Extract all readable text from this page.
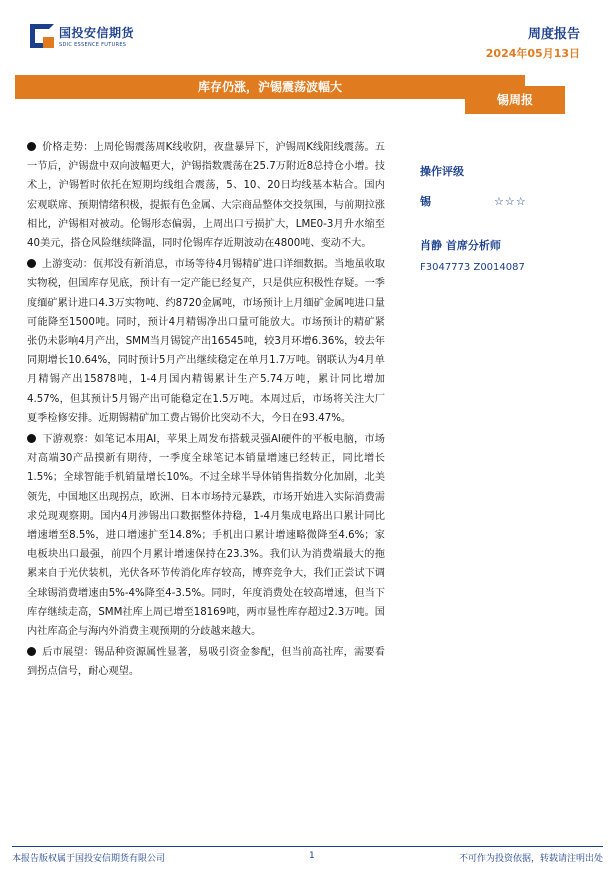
国投安信期货
SDIC ESSENCE FUTURES
周度报告
2024年05月13日
库存仍涨，沪锡震荡波幅大
锡周报

价格走势：上周伦锡震荡周K线收阴，夜盘暴异下，沪锡周K线阳线震荡。五一节后，沪锡盘中双向波幅更大，沪锡指数震荡在25.7万附近8总持仓小增。技术上，沪锡暂时依托在短期均线组合震荡，5、10、20日均线基本粘合。国内宏观联席、预期情绪积极，提振有色金属、大宗商品整体交投氛围，与前期拉涨相比，沪锡相对被动。伦锡形态偏弱，上周出口亏损扩大，LME0-3月升水缩至40美元，搭仓风险继续降温，同时伦锡库存近期波动在4800吨、变动不大。

上游变动：佤邦没有新消息，市场等待4月锡精矿进口详细数据。当地虽收取实物税，但国库存见底，预计有一定产能已经复产，只是供应积极性存疑。一季度缅矿累计进口4.3万实物吨、约8720金属吨，市场预计上月缅矿金属吨进口量可能降至1500吨。同时，预计4月精锡净出口量可能放大。市场预计的精矿紧张仍未影响4月产出，SMM当月锡锭产出16545吨，较3月环增6.36%，较去年同期增长10.64%，同时预计5月产出继续稳定在单月1.7万吨。钢联认为4月单月精锡产出15878吨，1-4月国内精锡累计生产5.74万吨，累计同比增加4.57%，但其预计5月锡产出可能稳定在1.5万吨。本周过后，市场将关注大厂夏季检修安排。近期锡精矿加工费占锡价比突动不大，今日在93.47%。

下游观察：如笔记本用AI，苹果上周发布搭载灵强AI硬件的平板电脑，市场对高端30产品摸新有期待，一季度全球笔记本销量增速已经转正，同比增长1.5%；全球智能手机销量增长10%。不过全球半导体销售指数分化加剧，北美领先，中国地区出现拐点，欧洲、日本市场持元暴跌，市场开始进入实际消费需求兑现观察期。国内4月涉锡出口数据整体持稳，1-4月集成电路出口累计同比增速增至8.5%，进口增速扩至14.8%；手机出口累计增速略微降至4.6%；家电板块出口最强，前四个月累计增速保持在23.3%。我们认为消费端最大的拖累来自于光伏装机，光伏各环节传消化库存较高，博弈竞争大，我们正尝试下调全球锡消费增速由5%-4%降至4-3.5%。同时，年度消费处在较高增速，但当下库存继续走高，SMM社库上周已增至18169吨，两市显性库存超过2.3万吨。国内社库高企与海内外消费主观预期的分歧越来越大。

后市展望：锡品种资源属性显著，易吸引资金参配，但当前高社库，需要看到拐点信号，耐心观望。

操作评级
锡	☆☆☆
肖静 首席分析师
F3047773 Z0014087
本报告版权属于国投安信期货有限公司	1	不可作为投资依据，转载请注明出处
